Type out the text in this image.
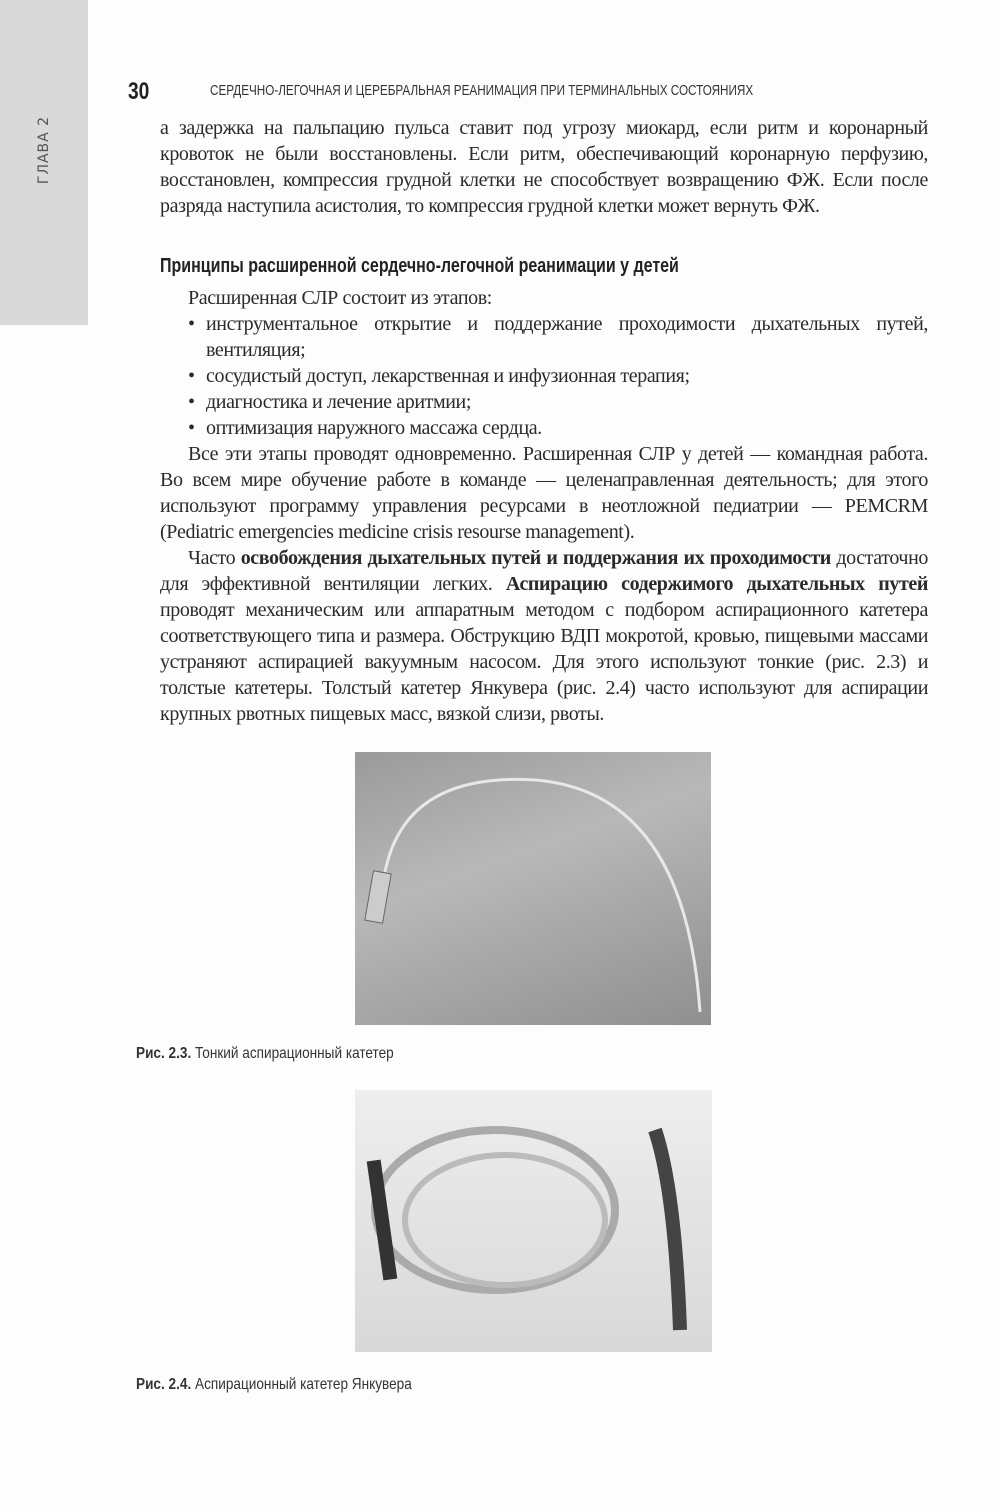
ГЛАВА 2
30	СЕРДЕЧНО-ЛЕГОЧНАЯ И ЦЕРЕБРАЛЬНАЯ РЕАНИМАЦИЯ ПРИ ТЕРМИНАЛЬНЫХ СОСТОЯНИЯХ

а задержка на пальпацию пульса ставит под угрозу миокард, если ритм и коронарный кровоток не были восстановлены. Если ритм, обеспечивающий коронарную перфузию, восстановлен, компрессия грудной клетки не способствует возвращению ФЖ. Если после разряда наступила асистолия, то компрессия грудной клетки может вернуть ФЖ.

Принципы расширенной сердечно-легочной реанимации у детей

Расширенная СЛР состоит из этапов:

• инструментальное открытие и поддержание проходимости дыхательных путей, вентиляция;
• сосудистый доступ, лекарственная и инфузионная терапия;
• диагностика и лечение аритмии;
• оптимизация наружного массажа сердца.

Все эти этапы проводят одновременно. Расширенная СЛР у детей — командная работа. Во всем мире обучение работе в команде — целенаправленная деятельность; для этого используют программу управления ресурсами в неотложной педиатрии — PEMCRM (Pediatric emergencies medicine crisis resourse management).

Часто освобождения дыхательных путей и поддержания их проходимости достаточно для эффективной вентиляции легких. Аспирацию содержимого дыхательных путей проводят механическим или аппаратным методом с подбором аспирационного катетера соответствующего типа и размера. Обструкцию ВДП мокротой, кровью, пищевыми массами устраняют аспирацией вакуумным насосом. Для этого используют тонкие (рис. 2.3) и толстые катетеры. Толстый катетер Янкувера (рис. 2.4) часто используют для аспирации крупных рвотных пищевых масс, вязкой слизи, рвоты.

Рис. 2.3. Тонкий аспирационный катетер
Рис. 2.4. Аспирационный катетер Янкувера
